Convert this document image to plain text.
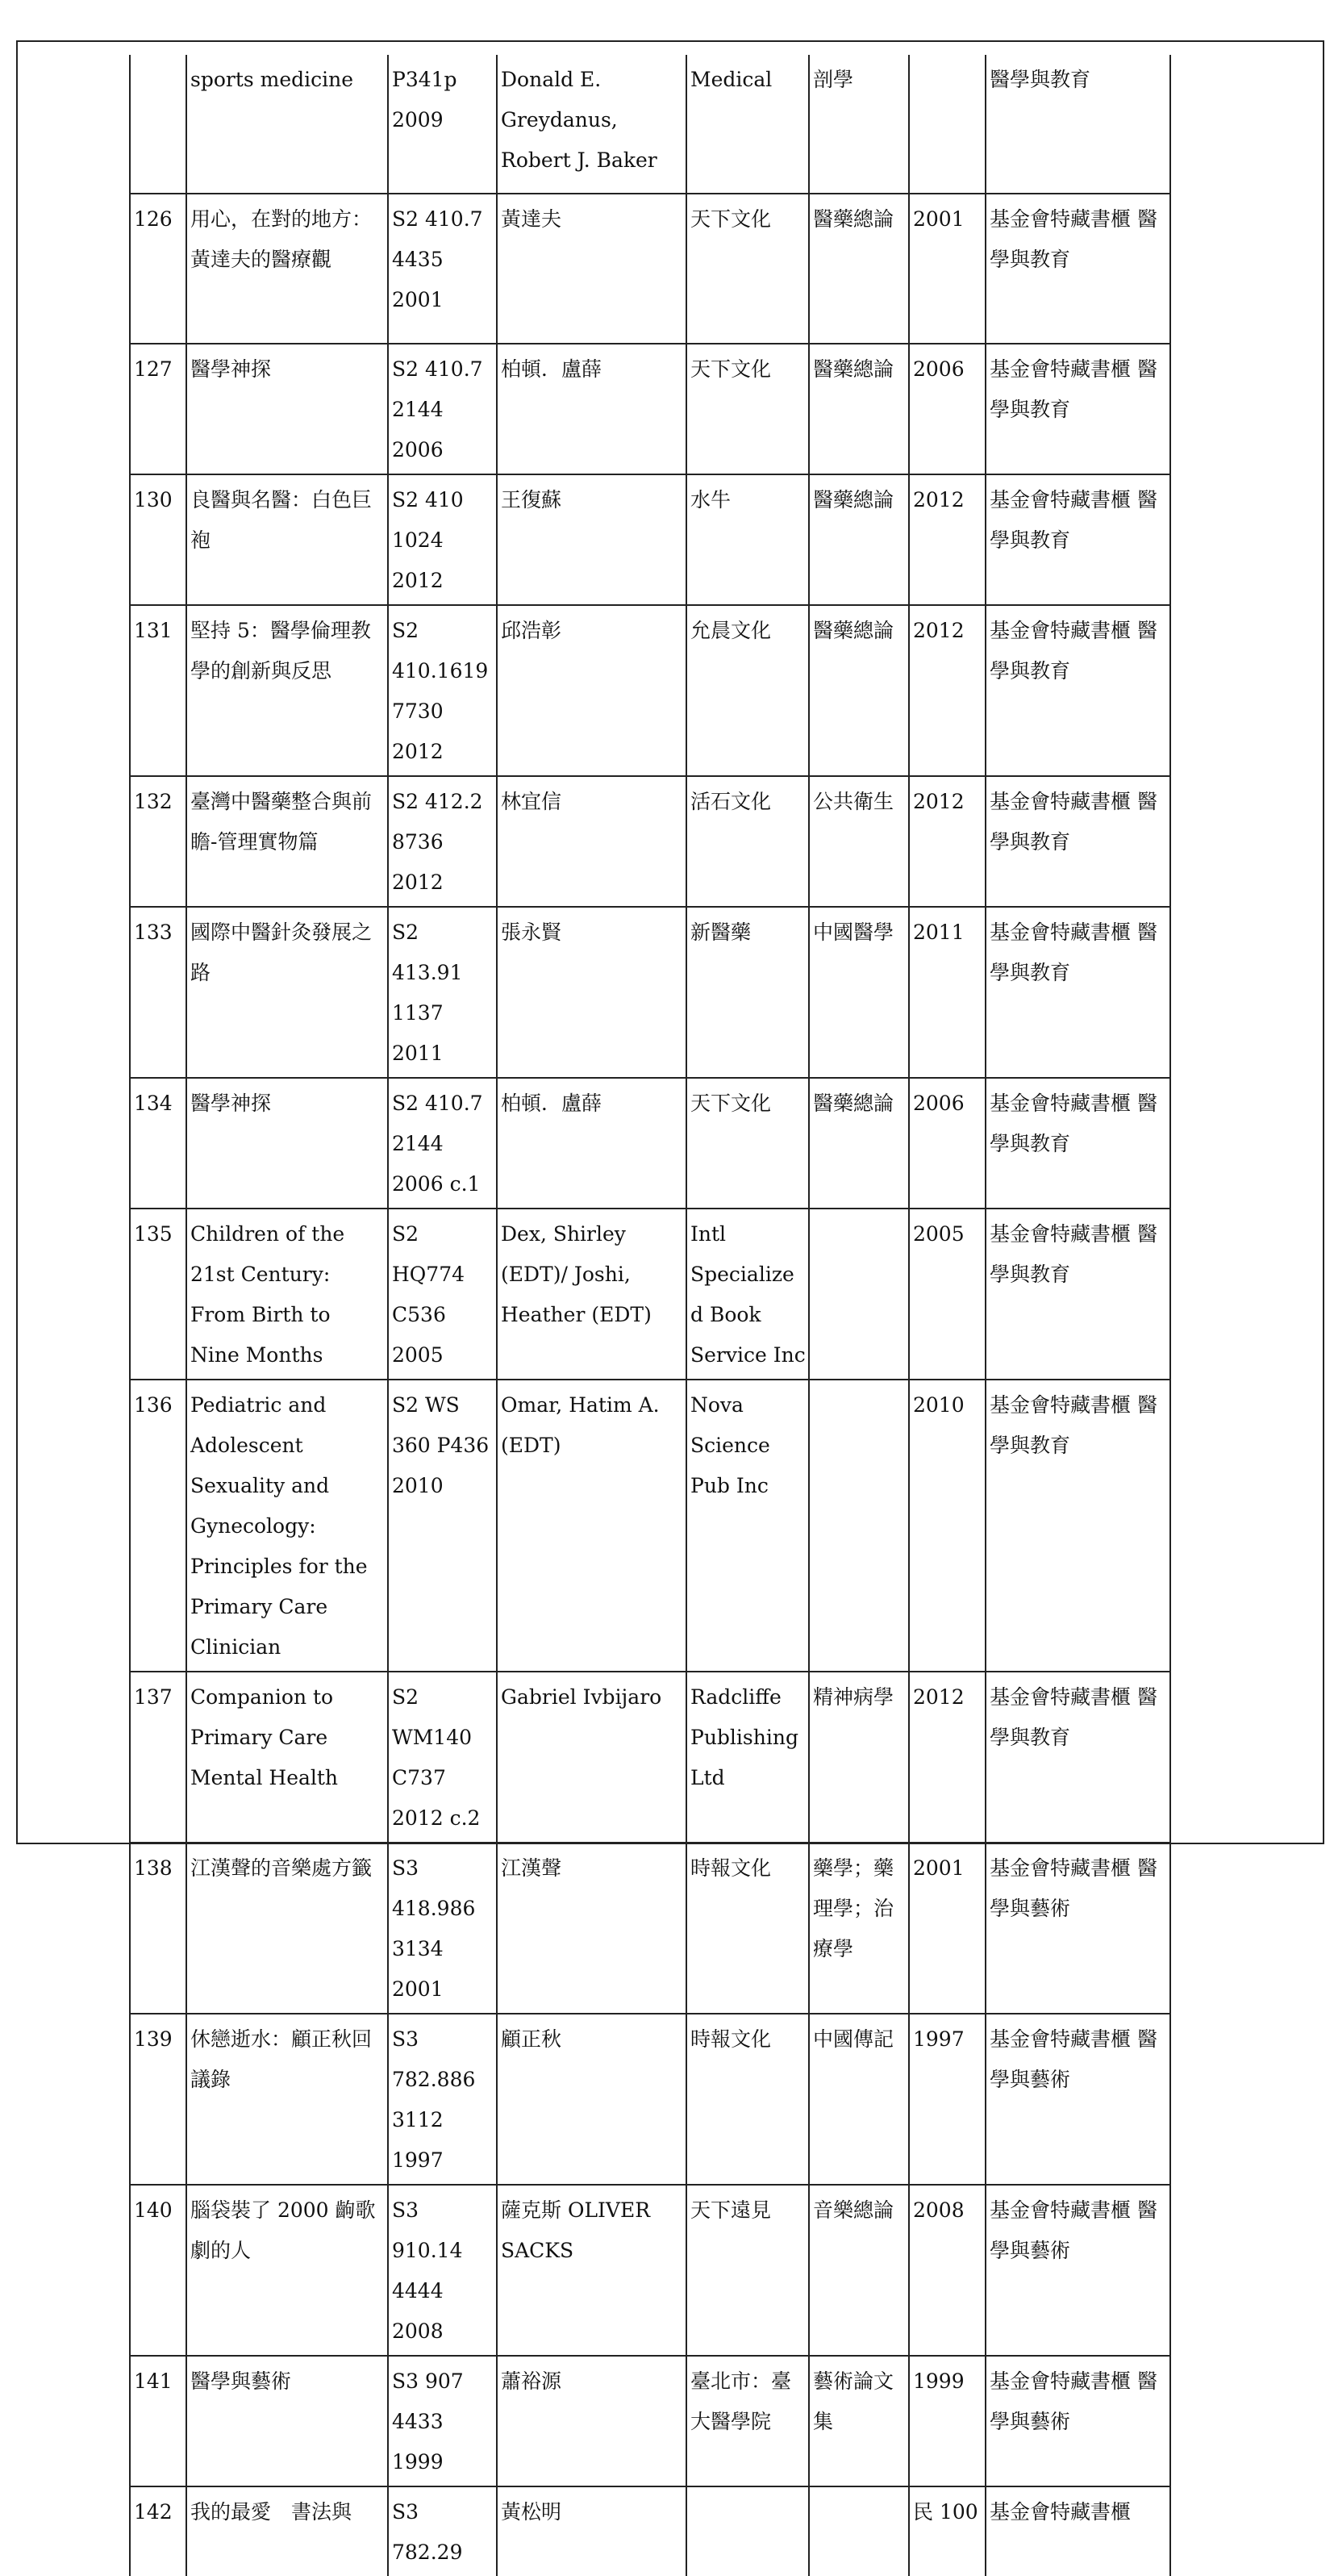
	sports medicine	P341p 2009	Donald E. Greydanus, Robert J. Baker	Medical	剖學		醫學與教育
126	用心，在對的地方：黃達夫的醫療觀	S2 410.7 4435 2001	黃達夫	天下文化	醫藥總論	2001	基金會特藏書櫃 醫學與教育
127	醫學神探	S2 410.7 2144 2006	柏頓．盧薛	天下文化	醫藥總論	2006	基金會特藏書櫃 醫學與教育
130	良醫與名醫：白色巨袍	S2 410 1024 2012	王復蘇	水牛	醫藥總論	2012	基金會特藏書櫃 醫學與教育
131	堅持 5：醫學倫理教學的創新與反思	S2 410.1619 7730 2012	邱浩彰	允晨文化	醫藥總論	2012	基金會特藏書櫃 醫學與教育
132	臺灣中醫藥整合與前瞻-管理實物篇	S2 412.2 8736 2012	林宜信	活石文化	公共衛生	2012	基金會特藏書櫃 醫學與教育
133	國際中醫針灸發展之路	S2 413.91 1137 2011	張永賢	新醫藥	中國醫學	2011	基金會特藏書櫃 醫學與教育
134	醫學神探	S2 410.7 2144 2006 c.1	柏頓．盧薛	天下文化	醫藥總論	2006	基金會特藏書櫃 醫學與教育
135	Children of the 21st Century: From Birth to Nine Months	S2 HQ774 C536 2005	Dex, Shirley (EDT)/ Joshi, Heather (EDT)	Intl Specialized Book Service Inc		2005	基金會特藏書櫃 醫學與教育
136	Pediatric and Adolescent Sexuality and Gynecology: Principles for the Primary Care Clinician	S2 WS 360 P436 2010	Omar, Hatim A. (EDT)	Nova Science Pub Inc		2010	基金會特藏書櫃 醫學與教育
137	Companion to Primary Care Mental Health	S2 WM140 C737 2012 c.2	Gabriel Ivbijaro	Radcliffe Publishing Ltd	精神病學	2012	基金會特藏書櫃 醫學與教育
138	江漢聲的音樂處方籤	S3 418.986 3134 2001	江漢聲	時報文化	藥學；藥理學；治療學	2001	基金會特藏書櫃 醫學與藝術
139	休戀逝水：顧正秋回議錄	S3 782.886 3112 1997	顧正秋	時報文化	中國傳記	1997	基金會特藏書櫃 醫學與藝術
140	腦袋裝了 2000 齣歌劇的人	S3 910.14 4444 2008	薩克斯 OLIVER SACKS	天下遠見	音樂總論	2008	基金會特藏書櫃 醫學與藝術
141	醫學與藝術	S3 907 4433 1999	蕭裕源	臺北市：臺大醫學院	藝術論文集	1999	基金會特藏書櫃 醫學與藝術
142	我的最愛　書法與	S3 782.29	黃松明			民 100	基金會特藏書櫃
